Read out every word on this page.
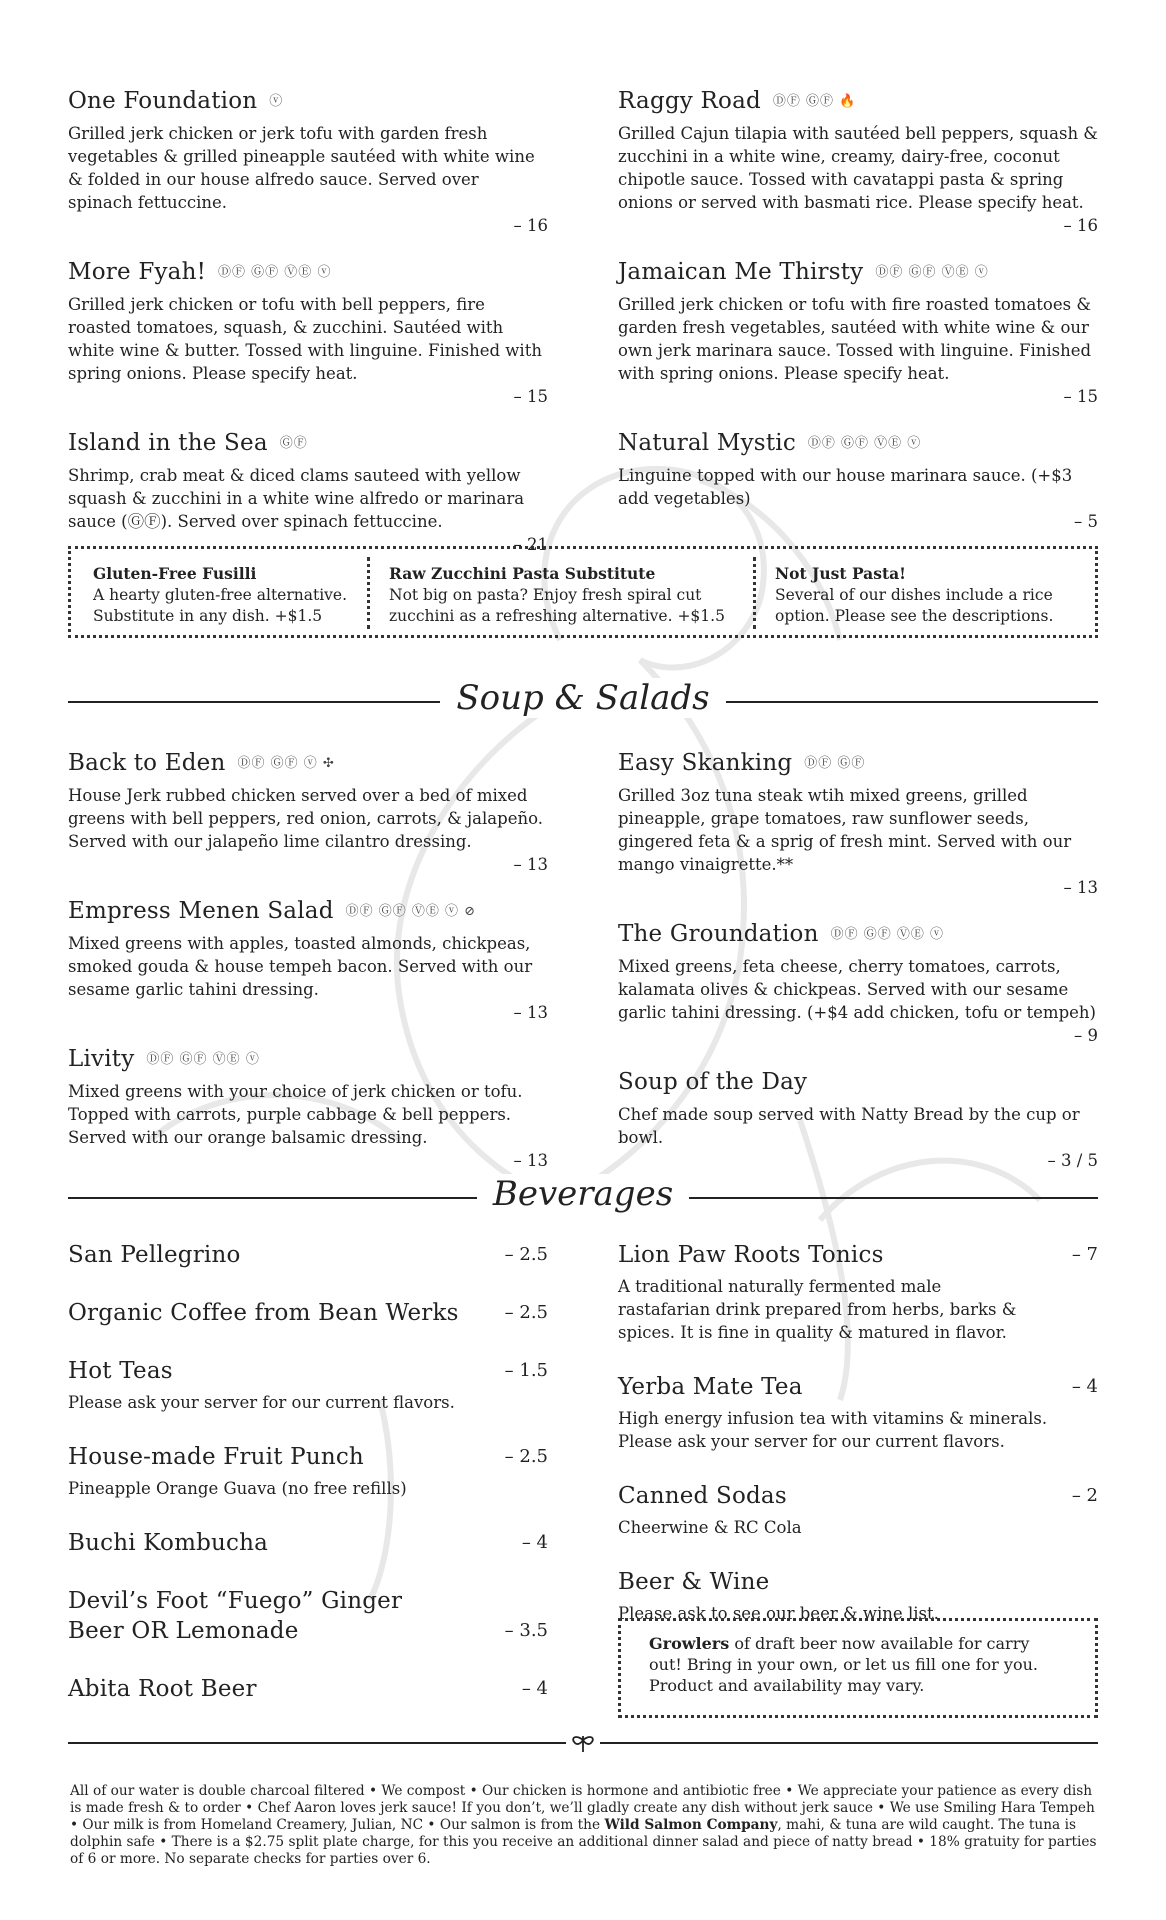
One Foundation ⓥ
Grilled jerk chicken or jerk tofu with garden fresh vegetables & grilled pineapple sautéed with white wine & folded in our house alfredo sauce. Served over spinach fettuccine.
– 16
More Fyah! ⒹⒻ ⒼⒻ ⓋⒺ ⓥ
Grilled jerk chicken or tofu with bell peppers, fire roasted tomatoes, squash, & zucchini. Sautéed with white wine & butter. Tossed with linguine. Finished with spring onions. Please specify heat.
– 15
Island in the Sea ⒼⒻ
Shrimp, crab meat & diced clams sauteed with yellow squash & zucchini in a white wine alfredo or marinara sauce (ⒼⒻ). Served over spinach fettuccine.
– 21
Raggy Road ⒹⒻ ⒼⒻ 🔥
Grilled Cajun tilapia with sautéed bell peppers, squash & zucchini in a white wine, creamy, dairy-free, coconut chipotle sauce. Tossed with cavatappi pasta & spring onions or served with basmati rice. Please specify heat.
– 16
Jamaican Me Thirsty ⒹⒻ ⒼⒻ ⓋⒺ ⓥ
Grilled jerk chicken or tofu with fire roasted tomatoes & garden fresh vegetables, sautéed with white wine & our own jerk marinara sauce. Tossed with linguine. Finished with spring onions. Please specify heat.
– 15
Natural Mystic ⒹⒻ ⒼⒻ ⓋⒺ ⓥ
Linguine topped with our house marinara sauce. (+$3 add vegetables)
– 5
Gluten-Free Fusilli
A hearty gluten-free alternative. Substitute in any dish. +$1.5
Raw Zucchini Pasta Substitute
Not big on pasta? Enjoy fresh spiral cut zucchini as a refreshing alternative. +$1.5
Not Just Pasta!
Several of our dishes include a rice option. Please see the descriptions.
Soup & Salads
Back to Eden ⒹⒻ ⒼⒻ ⓥ ✣
House Jerk rubbed chicken served over a bed of mixed greens with bell peppers, red onion, carrots, & jalapeño. Served with our jalapeño lime cilantro dressing.
– 13
Empress Menen Salad ⒹⒻ ⒼⒻ ⓋⒺ ⓥ ⊘
Mixed greens with apples, toasted almonds, chickpeas, smoked gouda & house tempeh bacon. Served with our sesame garlic tahini dressing.
– 13
Livity ⒹⒻ ⒼⒻ ⓋⒺ ⓥ
Mixed greens with your choice of jerk chicken or tofu. Topped with carrots, purple cabbage & bell peppers. Served with our orange balsamic dressing.
– 13
Easy Skanking ⒹⒻ ⒼⒻ
Grilled 3oz tuna steak wtih mixed greens, grilled pineapple, grape tomatoes, raw sunflower seeds, gingered feta & a sprig of fresh mint. Served with our mango vinaigrette.**
– 13
The Groundation ⒹⒻ ⒼⒻ ⓋⒺ ⓥ
Mixed greens, feta cheese, cherry tomatoes, carrots, kalamata olives & chickpeas. Served with our sesame garlic tahini dressing. (+$4 add chicken, tofu or tempeh)
– 9
Soup of the Day
Chef made soup served with Natty Bread by the cup or bowl.
– 3 / 5
Beverages
San Pellegrino	– 2.5
Organic Coffee from Bean Werks	– 2.5
Hot Teas
Please ask your server for our current flavors.
– 1.5
House-made Fruit Punch
Pineapple Orange Guava (no free refills)
– 2.5
Buchi Kombucha	– 4
Devil’s Foot “Fuego” Ginger Beer OR Lemonade	– 3.5
Abita Root Beer	– 4
Lion Paw Roots Tonics
A traditional naturally fermented male rastafarian drink prepared from herbs, barks & spices. It is fine in quality & matured in flavor.
– 7
Yerba Mate Tea
High energy infusion tea with vitamins & minerals. Please ask your server for our current flavors.
– 4
Canned Sodas
Cheerwine & RC Cola
– 2
Beer & Wine
Please ask to see our beer & wine list.
Growlers of draft beer now available for carry out! Bring in your own, or let us fill one for you. Product and availability may vary.
All of our water is double charcoal filtered • We compost • Our chicken is hormone and antibiotic free • We appreciate your patience as every dish is made fresh & to order • Chef Aaron loves jerk sauce! If you don’t, we’ll gladly create any dish without jerk sauce • We use Smiling Hara Tempeh • Our milk is from Homeland Creamery, Julian, NC • Our salmon is from the Wild Salmon Company, mahi, & tuna are wild caught. The tuna is dolphin safe • There is a $2.75 split plate charge, for this you receive an additional dinner salad and piece of natty bread • 18% gratuity for parties of 6 or more. No separate checks for parties over 6.
